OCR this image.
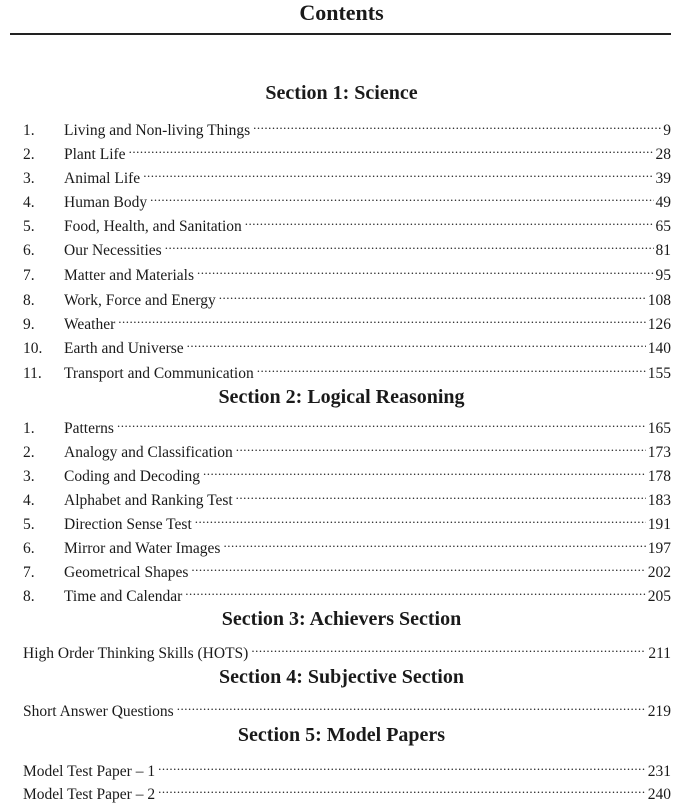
Contents
Section 1: Science
1.	Living and Non-living Things .....	9
2.	Plant Life .....	28
3.	Animal Life .....	39
4.	Human Body .....	49
5.	Food, Health, and Sanitation .....	65
6.	Our Necessities .....	81
7.	Matter and Materials .....	95
8.	Work, Force and Energy .....	108
9.	Weather .....	126
10.	Earth and Universe .....	140
11.	Transport and Communication .....	155
Section 2: Logical Reasoning
1.	Patterns .....	165
2.	Analogy and Classification .....	173
3.	Coding and Decoding .....	178
4.	Alphabet and Ranking Test .....	183
5.	Direction Sense Test .....	191
6.	Mirror and Water Images .....	197
7.	Geometrical Shapes .....	202
8.	Time and Calendar .....	205
Section 3: Achievers Section
High Order Thinking Skills (HOTS) .....	211
Section 4: Subjective Section
Short Answer Questions .....	219
Section 5: Model Papers
Model Test Paper – 1 .....	231
Model Test Paper – 2 .....	240
